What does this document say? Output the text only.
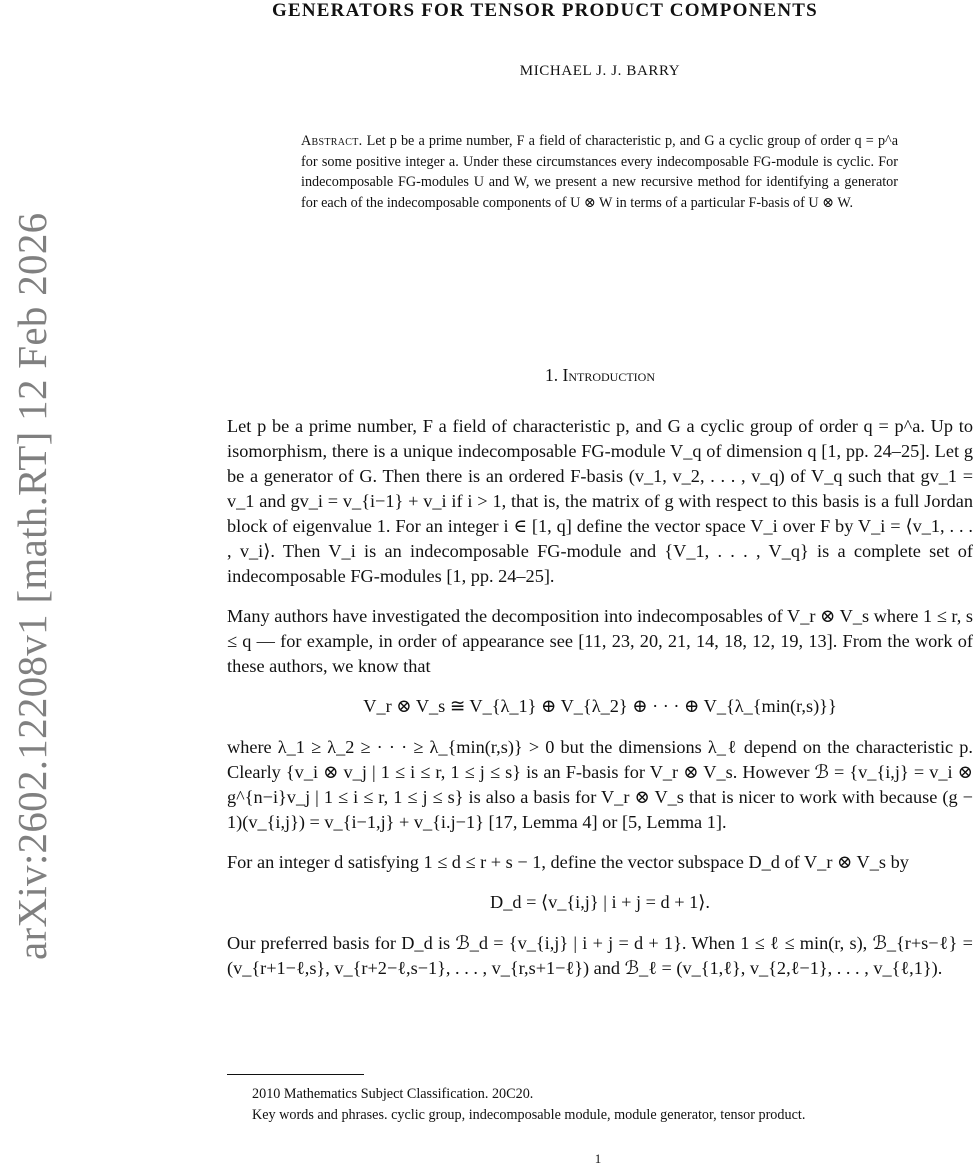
arXiv:2602.12208v1 [math.RT] 12 Feb 2026
GENERATORS FOR TENSOR PRODUCT COMPONENTS
MICHAEL J. J. BARRY
Abstract. Let p be a prime number, F a field of characteristic p, and G a cyclic group of order q = p^a for some positive integer a. Under these circumstances every indecomposable FG-module is cyclic. For indecomposable FG-modules U and W, we present a new recursive method for identifying a generator for each of the indecomposable components of U ⊗ W in terms of a particular F-basis of U ⊗ W.
1. Introduction

Let p be a prime number, F a field of characteristic p, and G a cyclic group of order q = p^a. Up to isomorphism, there is a unique indecomposable FG-module V_q of dimension q [1, pp. 24–25]. Let g be a generator of G. Then there is an ordered F-basis (v_1, v_2, . . . , v_q) of V_q such that gv_1 = v_1 and gv_i = v_{i−1} + v_i if i > 1, that is, the matrix of g with respect to this basis is a full Jordan block of eigenvalue 1. For an integer i ∈ [1, q] define the vector space V_i over F by V_i = ⟨v_1, . . . , v_i⟩. Then V_i is an indecomposable FG-module and {V_1, . . . , V_q} is a complete set of indecomposable FG-modules [1, pp. 24–25].

Many authors have investigated the decomposition into indecomposables of V_r ⊗ V_s where 1 ≤ r, s ≤ q — for example, in order of appearance see [11, 23, 20, 21, 14, 18, 12, 19, 13]. From the work of these authors, we know that

V_r ⊗ V_s ≅ V_{λ_1} ⊕ V_{λ_2} ⊕ · · · ⊕ V_{λ_{min(r,s)}}

where λ_1 ≥ λ_2 ≥ · · · ≥ λ_{min(r,s)} > 0 but the dimensions λ_ℓ depend on the characteristic p. Clearly {v_i ⊗ v_j | 1 ≤ i ≤ r, 1 ≤ j ≤ s} is an F-basis for V_r ⊗ V_s. However ℬ = {v_{i,j} = v_i ⊗ g^{n−i}v_j | 1 ≤ i ≤ r, 1 ≤ j ≤ s} is also a basis for V_r ⊗ V_s that is nicer to work with because (g − 1)(v_{i,j}) = v_{i−1,j} + v_{i.j−1} [17, Lemma 4] or [5, Lemma 1].

For an integer d satisfying 1 ≤ d ≤ r + s − 1, define the vector subspace D_d of V_r ⊗ V_s by

D_d = ⟨v_{i,j} | i + j = d + 1⟩.

Our preferred basis for D_d is ℬ_d = {v_{i,j} | i + j = d + 1}. When 1 ≤ ℓ ≤ min(r, s), ℬ_{r+s−ℓ} = (v_{r+1−ℓ,s}, v_{r+2−ℓ,s−1}, . . . , v_{r,s+1−ℓ}) and ℬ_ℓ = (v_{1,ℓ}, v_{2,ℓ−1}, . . . , v_{ℓ,1}).

2010 Mathematics Subject Classification. 20C20.

Key words and phrases. cyclic group, indecomposable module, module generator, tensor product.

1
